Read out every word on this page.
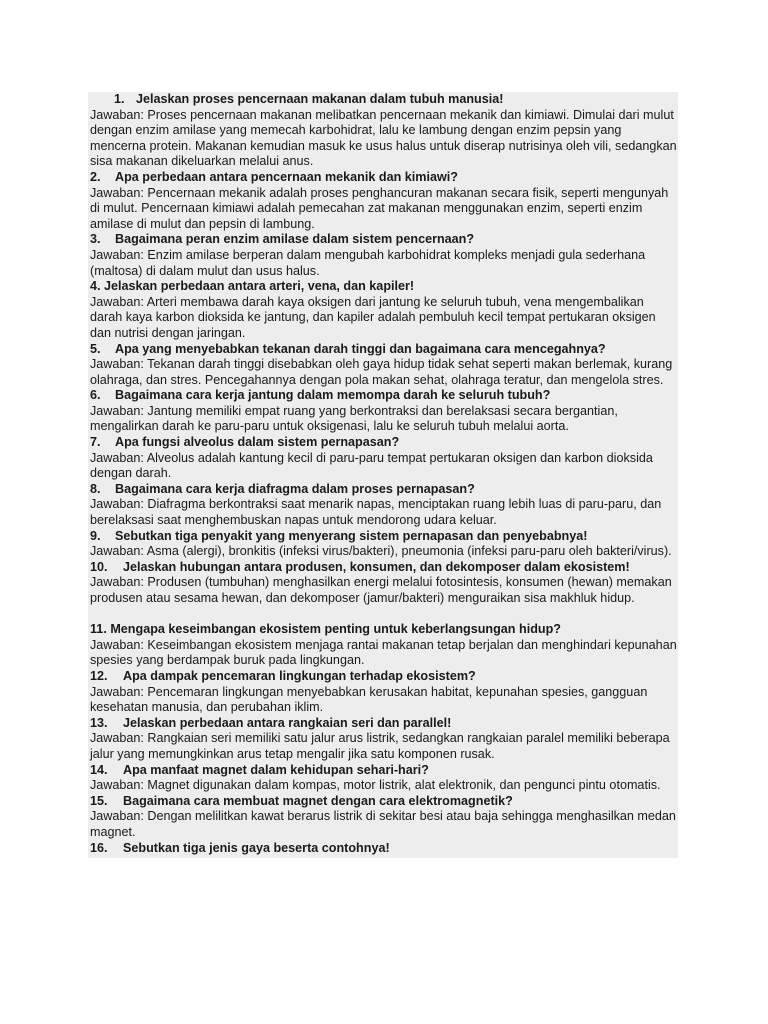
1. Jelaskan proses pencernaan makanan dalam tubuh manusia!

Jawaban: Proses pencernaan makanan melibatkan pencernaan mekanik dan kimiawi. Dimulai dari mulut dengan enzim amilase yang memecah karbohidrat, lalu ke lambung dengan enzim pepsin yang mencerna protein. Makanan kemudian masuk ke usus halus untuk diserap nutrisinya oleh vili, sedangkan sisa makanan dikeluarkan melalui anus.

2. Apa perbedaan antara pencernaan mekanik dan kimiawi?

Jawaban: Pencernaan mekanik adalah proses penghancuran makanan secara fisik, seperti mengunyah di mulut. Pencernaan kimiawi adalah pemecahan zat makanan menggunakan enzim, seperti enzim amilase di mulut dan pepsin di lambung.

3. Bagaimana peran enzim amilase dalam sistem pencernaan?

Jawaban: Enzim amilase berperan dalam mengubah karbohidrat kompleks menjadi gula sederhana (maltosa) di dalam mulut dan usus halus.

4. Jelaskan perbedaan antara arteri, vena, dan kapiler!

Jawaban: Arteri membawa darah kaya oksigen dari jantung ke seluruh tubuh, vena mengembalikan darah kaya karbon dioksida ke jantung, dan kapiler adalah pembuluh kecil tempat pertukaran oksigen dan nutrisi dengan jaringan.

5. Apa yang menyebabkan tekanan darah tinggi dan bagaimana cara mencegahnya?

Jawaban: Tekanan darah tinggi disebabkan oleh gaya hidup tidak sehat seperti makan berlemak, kurang olahraga, dan stres. Pencegahannya dengan pola makan sehat, olahraga teratur, dan mengelola stres.

6. Bagaimana cara kerja jantung dalam memompa darah ke seluruh tubuh?

Jawaban: Jantung memiliki empat ruang yang berkontraksi dan berelaksasi secara bergantian, mengalirkan darah ke paru-paru untuk oksigenasi, lalu ke seluruh tubuh melalui aorta.

7. Apa fungsi alveolus dalam sistem pernapasan?

Jawaban: Alveolus adalah kantung kecil di paru-paru tempat pertukaran oksigen dan karbon dioksida dengan darah.

8. Bagaimana cara kerja diafragma dalam proses pernapasan?

Jawaban: Diafragma berkontraksi saat menarik napas, menciptakan ruang lebih luas di paru-paru, dan berelaksasi saat menghembuskan napas untuk mendorong udara keluar.

9. Sebutkan tiga penyakit yang menyerang sistem pernapasan dan penyebabnya!

Jawaban: Asma (alergi), bronkitis (infeksi virus/bakteri), pneumonia (infeksi paru-paru oleh bakteri/virus).

10. Jelaskan hubungan antara produsen, konsumen, dan dekomposer dalam ekosistem!

Jawaban: Produsen (tumbuhan) menghasilkan energi melalui fotosintesis, konsumen (hewan) memakan produsen atau sesama hewan, dan dekomposer (jamur/bakteri) menguraikan sisa makhluk hidup.

11. Mengapa keseimbangan ekosistem penting untuk keberlangsungan hidup?

Jawaban: Keseimbangan ekosistem menjaga rantai makanan tetap berjalan dan menghindari kepunahan spesies yang berdampak buruk pada lingkungan.

12. Apa dampak pencemaran lingkungan terhadap ekosistem?

Jawaban: Pencemaran lingkungan menyebabkan kerusakan habitat, kepunahan spesies, gangguan kesehatan manusia, dan perubahan iklim.

13. Jelaskan perbedaan antara rangkaian seri dan parallel!

Jawaban: Rangkaian seri memiliki satu jalur arus listrik, sedangkan rangkaian paralel memiliki beberapa jalur yang memungkinkan arus tetap mengalir jika satu komponen rusak.

14. Apa manfaat magnet dalam kehidupan sehari-hari?

Jawaban: Magnet digunakan dalam kompas, motor listrik, alat elektronik, dan pengunci pintu otomatis.

15. Bagaimana cara membuat magnet dengan cara elektromagnetik?

Jawaban: Dengan melilitkan kawat berarus listrik di sekitar besi atau baja sehingga menghasilkan medan magnet.

16. Sebutkan tiga jenis gaya beserta contohnya!
